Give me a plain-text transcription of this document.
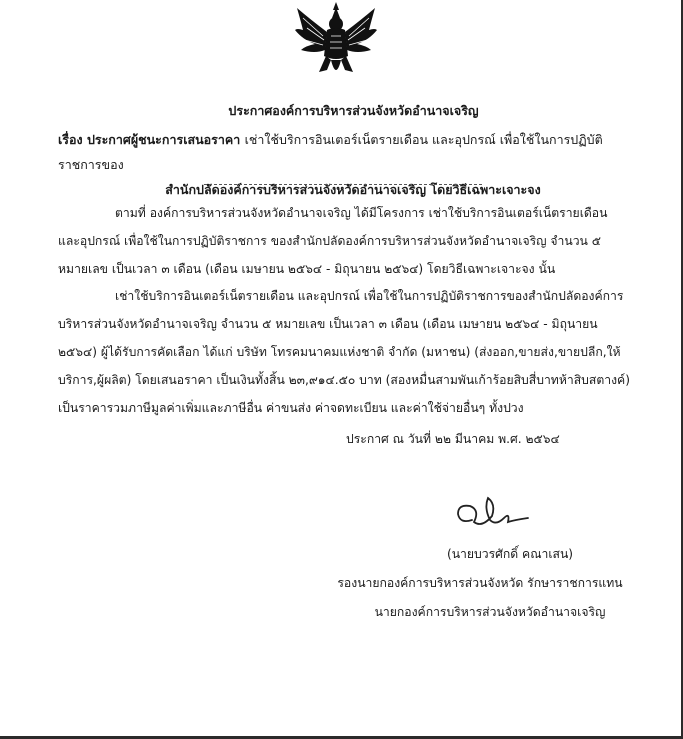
ประกาศองค์การบริหารส่วนจังหวัดอำนาจเจริญ
เรื่อง ประกาศผู้ชนะการเสนอราคา เช่าใช้บริการอินเตอร์เน็ตรายเดือน และอุปกรณ์ เพื่อใช้ในการปฏิบัติราชการของ
สำนักปลัดองค์การบริหารส่วนจังหวัดอำนาจเจริญ โดยวิธีเฉพาะเจาะจง
ตามที่ องค์การบริหารส่วนจังหวัดอำนาจเจริญ ได้มีโครงการ เช่าใช้บริการอินเตอร์เน็ตรายเดือน และอุปกรณ์ เพื่อใช้ในการปฏิบัติราชการ ของสำนักปลัดองค์การบริหารส่วนจังหวัดอำนาจเจริญ จำนวน ๕ หมายเลข เป็นเวลา ๓ เดือน (เดือน เมษายน ๒๕๖๔ - มิถุนายน ๒๕๖๔) โดยวิธีเฉพาะเจาะจง นั้น
เช่าใช้บริการอินเตอร์เน็ตรายเดือน และอุปกรณ์ เพื่อใช้ในการปฏิบัติราชการของสำนักปลัดองค์การบริหารส่วนจังหวัดอำนาจเจริญ จำนวน ๕ หมายเลข เป็นเวลา ๓ เดือน (เดือน เมษายน ๒๕๖๔ - มิถุนายน ๒๕๖๔) ผู้ได้รับการคัดเลือก ได้แก่ บริษัท โทรคมนาคมแห่งชาติ จำกัด (มหาชน) (ส่งออก,ขายส่ง,ขายปลีก,ให้บริการ,ผู้ผลิต) โดยเสนอราคา เป็นเงินทั้งสิ้น ๒๓,๙๑๔.๕๐ บาท (สองหมื่นสามพันเก้าร้อยสิบสี่บาทห้าสิบสตางค์) เป็นราคารวมภาษีมูลค่าเพิ่มและภาษีอื่น ค่าขนส่ง ค่าจดทะเบียน และค่าใช้จ่ายอื่นๆ ทั้งปวง
ประกาศ ณ วันที่ ๒๒ มีนาคม พ.ศ. ๒๕๖๔
(นายบวรศักดิ์ คณาเสน)
รองนายกองค์การบริหารส่วนจังหวัด รักษาราชการแทน
นายกองค์การบริหารส่วนจังหวัดอำนาจเจริญ
